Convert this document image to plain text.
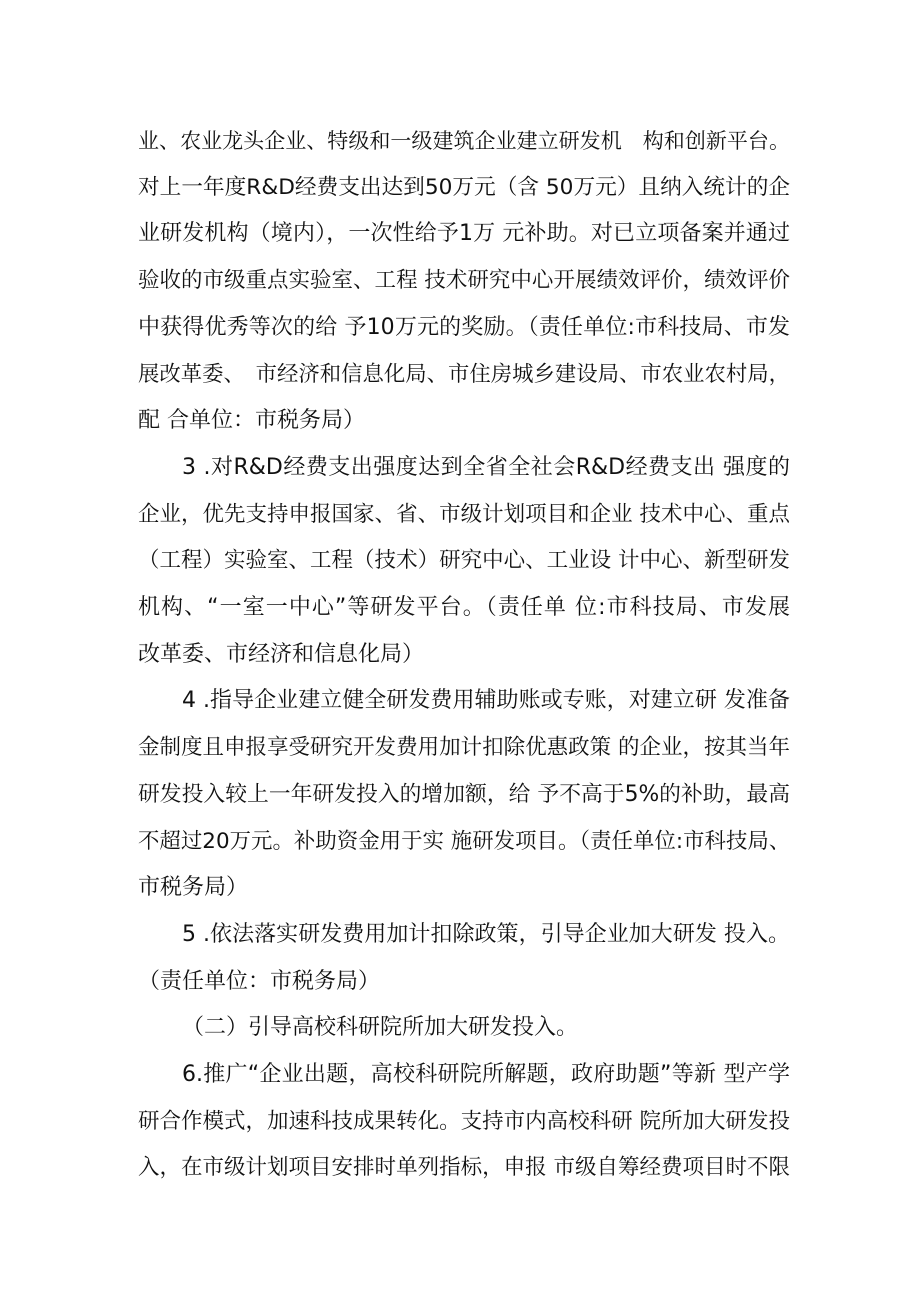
业、农业龙头企业、特级和一级建筑企业建立研发机　构和创新平台。
对上一年度R&D经费支出达到50万元（含 50万元）且纳入统计的企
业研发机构（境内），一次性给予1万 元补助。对已立项备案并通过
验收的市级重点实验室、工程 技术研究中心开展绩效评价，绩效评价
中获得优秀等次的给 予10万元的奖励。（责任单位:市科技局、市发
展改革委、　市经济和信息化局、市住房城乡建设局、市农业农村局，
配 合单位：市税务局）

3 .对R&D经费支出强度达到全省全社会R&D经费支出 强度的
企业，优先支持申报国家、省、市级计划项目和企业 技术中心、重点
（工程）实验室、工程（技术）研究中心、工业设 计中心、新型研发
机构、“一室一中心”等研发平台。（责任单 位:市科技局、市发展
改革委、市经济和信息化局）

4 .指导企业建立健全研发费用辅助账或专账，对建立研 发准备
金制度且申报享受研究开发费用加计扣除优惠政策 的企业，按其当年
研发投入较上一年研发投入的增加额，给 予不高于5%的补助，最高
不超过20万元。补助资金用于实 施研发项目。（责任单位:市科技局、
市税务局）

5 .依法落实研发费用加计扣除政策，引导企业加大研发 投入。
（责任单位：市税务局）

（二）引导高校科研院所加大研发投入。

6.推广“企业出题，高校科研院所解题，政府助题”等新 型产学
研合作模式，加速科技成果转化。支持市内高校科研 院所加大研发投
入，在市级计划项目安排时单列指标，申报 市级自筹经费项目时不限
